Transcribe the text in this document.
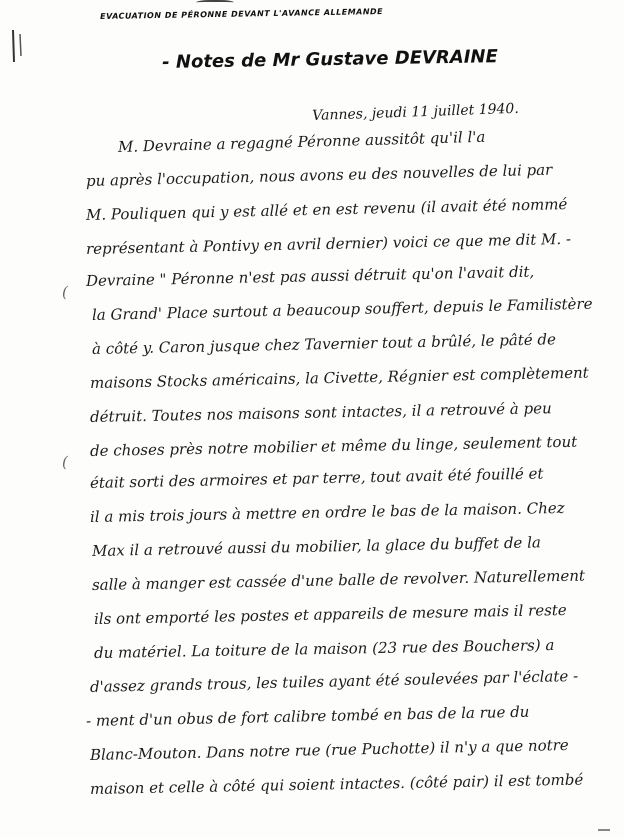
EVACUATION DE PÉRONNE DEVANT L'AVANCE ALLEMANDE
- Notes de Mr Gustave DEVRAINE
Vannes, jeudi 11 juillet 1940.
(
(
M. Devraine a regagné Péronne aussitôt qu'il l'a
pu après l'occupation, nous avons eu des nouvelles de lui par
M. Pouliquen qui y est allé et en est revenu (il avait été nommé
représentant à Pontivy en avril dernier) voici ce que me dit M. -
Devraine " Péronne n'est pas aussi détruit qu'on l'avait dit,
la Grand' Place surtout a beaucoup souffert, depuis le Familistère
à côté y. Caron jusque chez Tavernier tout a brûlé, le pâté de
maisons Stocks américains, la Civette, Régnier est complètement
détruit. Toutes nos maisons sont intactes, il a retrouvé à peu
de choses près notre mobilier et même du linge, seulement tout
était sorti des armoires et par terre, tout avait été fouillé et
il a mis trois jours à mettre en ordre le bas de la maison. Chez
Max il a retrouvé aussi du mobilier, la glace du buffet de la
salle à manger est cassée d'une balle de revolver. Naturellement
ils ont emporté les postes et appareils de mesure mais il reste
du matériel. La toiture de la maison (23 rue des Bouchers) a
d'assez grands trous, les tuiles ayant été soulevées par l'éclate -
- ment d'un obus de fort calibre tombé en bas de la rue du
Blanc-Mouton. Dans notre rue (rue Puchotte) il n'y a que notre
maison et celle à côté qui soient intactes. (côté pair) il est tombé
